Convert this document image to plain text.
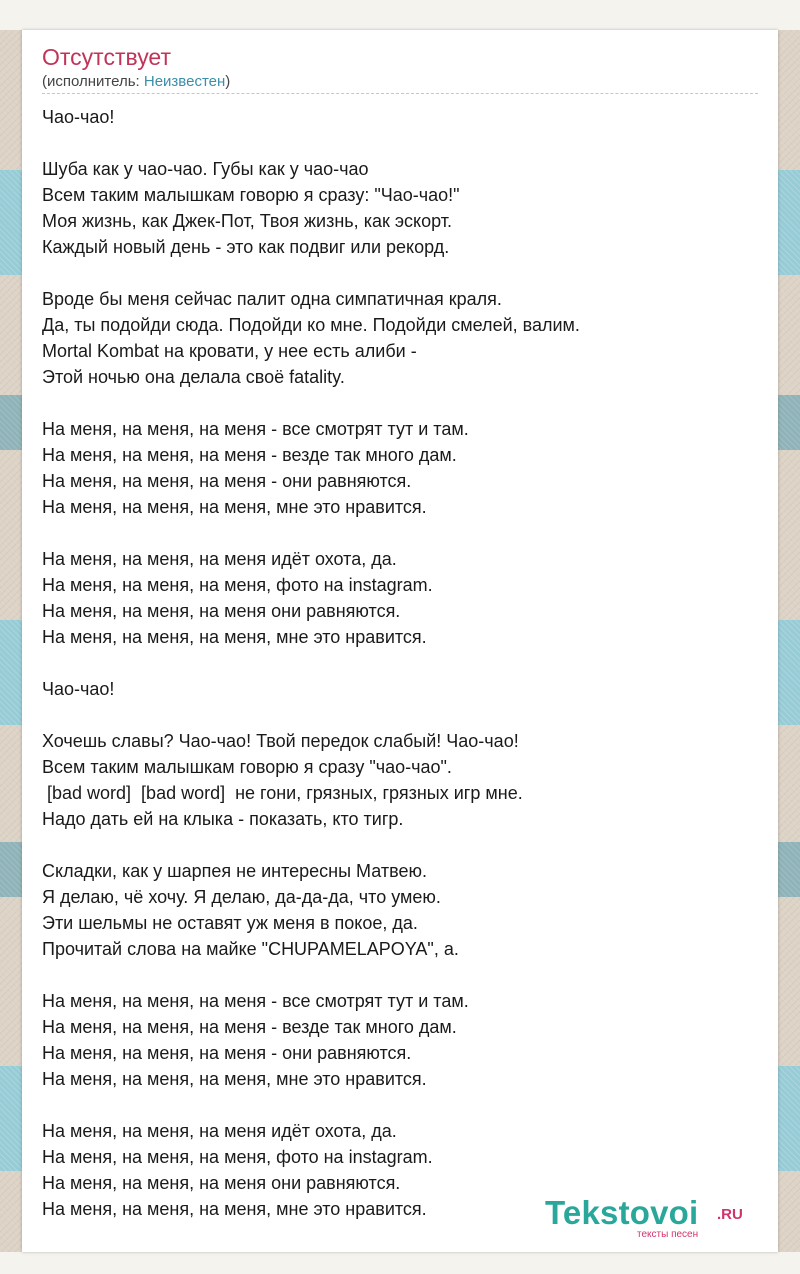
Отсутствует
(исполнитель: Неизвестен)
Чао-чао!
Шуба как у чао-чао. Губы как у чао-чао
Всем таким малышкам говорю я сразу: "Чао-чао!"
Моя жизнь, как Джек-Пот, Твоя жизнь, как эскорт.
Каждый новый день - это как подвиг или рекорд.
Вроде бы меня сейчас палит одна симпатичная краля.
Да, ты подойди сюда. Подойди ко мне. Подойди смелей, валим.
Mortal Kombat на кровати, у нее есть алиби -
Этой ночью она делала своё fatality.
На меня, на меня, на меня - все смотрят тут и там.
На меня, на меня, на меня - везде так много дам.
На меня, на меня, на меня - они равняются.
На меня, на меня, на меня, мне это нравится.
На меня, на меня, на меня идёт охота, да.
На меня, на меня, на меня, фото на instagram.
На меня, на меня, на меня они равняются.
На меня, на меня, на меня, мне это нравится.
Чао-чао!
Хочешь славы? Чао-чао! Твой передок слабый! Чао-чао!
Всем таким малышкам говорю я сразу "чао-чао".
[bad word]  [bad word]  не гони, грязных, грязных игр мне.
Надо дать ей на клыка - показать, кто тигр.
Складки, как у шарпея не интересны Матвею.
Я делаю, чё хочу. Я делаю, да-да-да, что умею.
Эти шельмы не оставят уж меня в покое, да.
Прочитай слова на майке "CHUPAMELAPOYA", а.
На меня, на меня, на меня - все смотрят тут и там.
На меня, на меня, на меня - везде так много дам.
На меня, на меня, на меня - они равняются.
На меня, на меня, на меня, мне это нравится.
На меня, на меня, на меня идёт охота, да.
На меня, на меня, на меня, фото на instagram.
На меня, на меня, на меня они равняются.
На меня, на меня, на меня, мне это нравится.	Tekstovoi .RU
тексты песен
